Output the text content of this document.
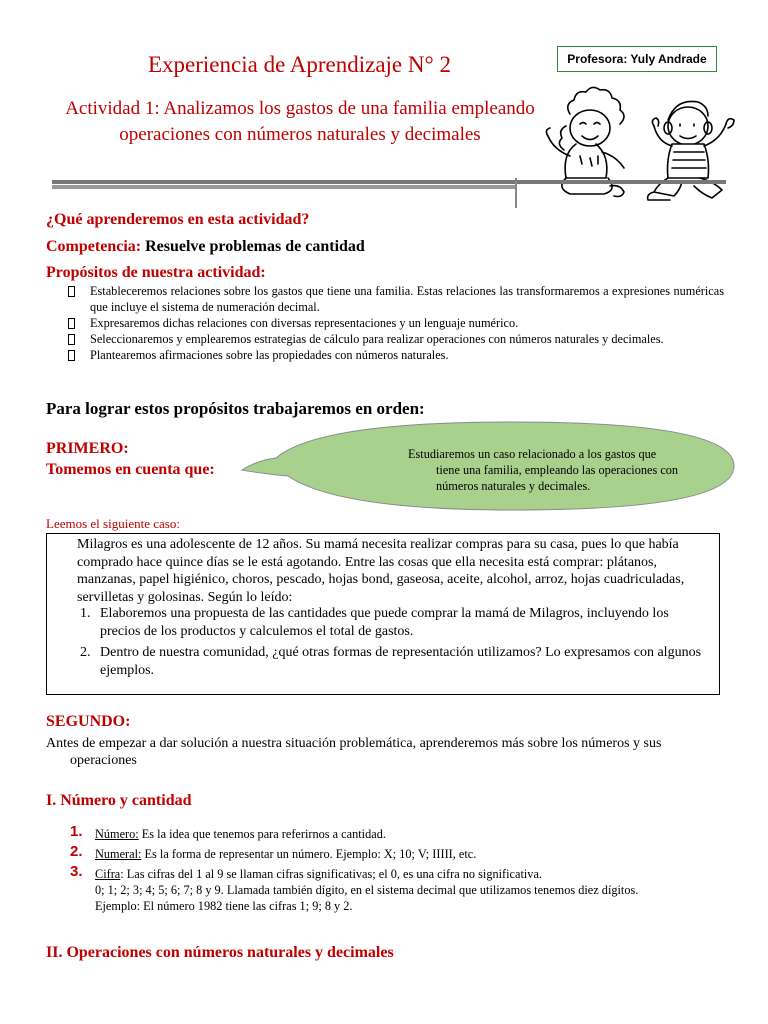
Experiencia de Aprendizaje N° 2
Actividad 1: Analizamos los gastos de una familia empleando
operaciones con números naturales y decimales
Profesora: Yuly Andrade
¿Qué aprenderemos en esta actividad?
Competencia: Resuelve problemas de cantidad
Propósitos de nuestra actividad:
Estableceremos relaciones sobre los gastos que tiene una familia. Estas relaciones las transformaremos a expresiones numéricas que incluye el sistema de numeración decimal.
Expresaremos dichas relaciones con diversas representaciones y un lenguaje numérico.
Seleccionaremos y emplearemos estrategias de cálculo para realizar operaciones con números naturales y decimales.
Plantearemos afirmaciones sobre las propiedades con números naturales.
Para lograr estos propósitos trabajaremos en orden:
PRIMERO:
Tomemos en cuenta que:
Estudiaremos un caso relacionado a los gastos que
tiene una familia, empleando las operaciones con números naturales y decimales.
Leemos el siguiente caso:
Milagros es una adolescente de 12 años. Su mamá necesita realizar compras para su casa, pues lo que había comprado hace quince días se le está agotando. Entre las cosas que ella necesita está comprar: plátanos, manzanas, papel higiénico, choros, pescado, hojas bond, gaseosa, aceite, alcohol, arroz, hojas cuadriculadas, servilletas y golosinas. Según lo leído:
1. Elaboremos una propuesta de las cantidades que puede comprar la mamá de Milagros, incluyendo los precios de los productos y calculemos el total de gastos.
2. Dentro de nuestra comunidad, ¿qué otras formas de representación utilizamos? Lo expresamos con algunos ejemplos.
SEGUNDO:
Antes de empezar a dar solución a nuestra situación problemática, aprenderemos más sobre los números y sus
operaciones
I. Número y cantidad
1. Número: Es la idea que tenemos para referirnos a cantidad.
2. Numeral: Es la forma de representar un número. Ejemplo: X; 10; V; IIIII, etc.
3. Cifra: Las cifras del 1 al 9 se llaman cifras significativas; el 0, es una cifra no significativa.
0; 1; 2; 3; 4; 5; 6; 7; 8 y 9. Llamada también dígito, en el sistema decimal que utilizamos tenemos diez dígitos.
Ejemplo: El número 1982 tiene las cifras 1; 9; 8 y 2.
II. Operaciones con números naturales y decimales
